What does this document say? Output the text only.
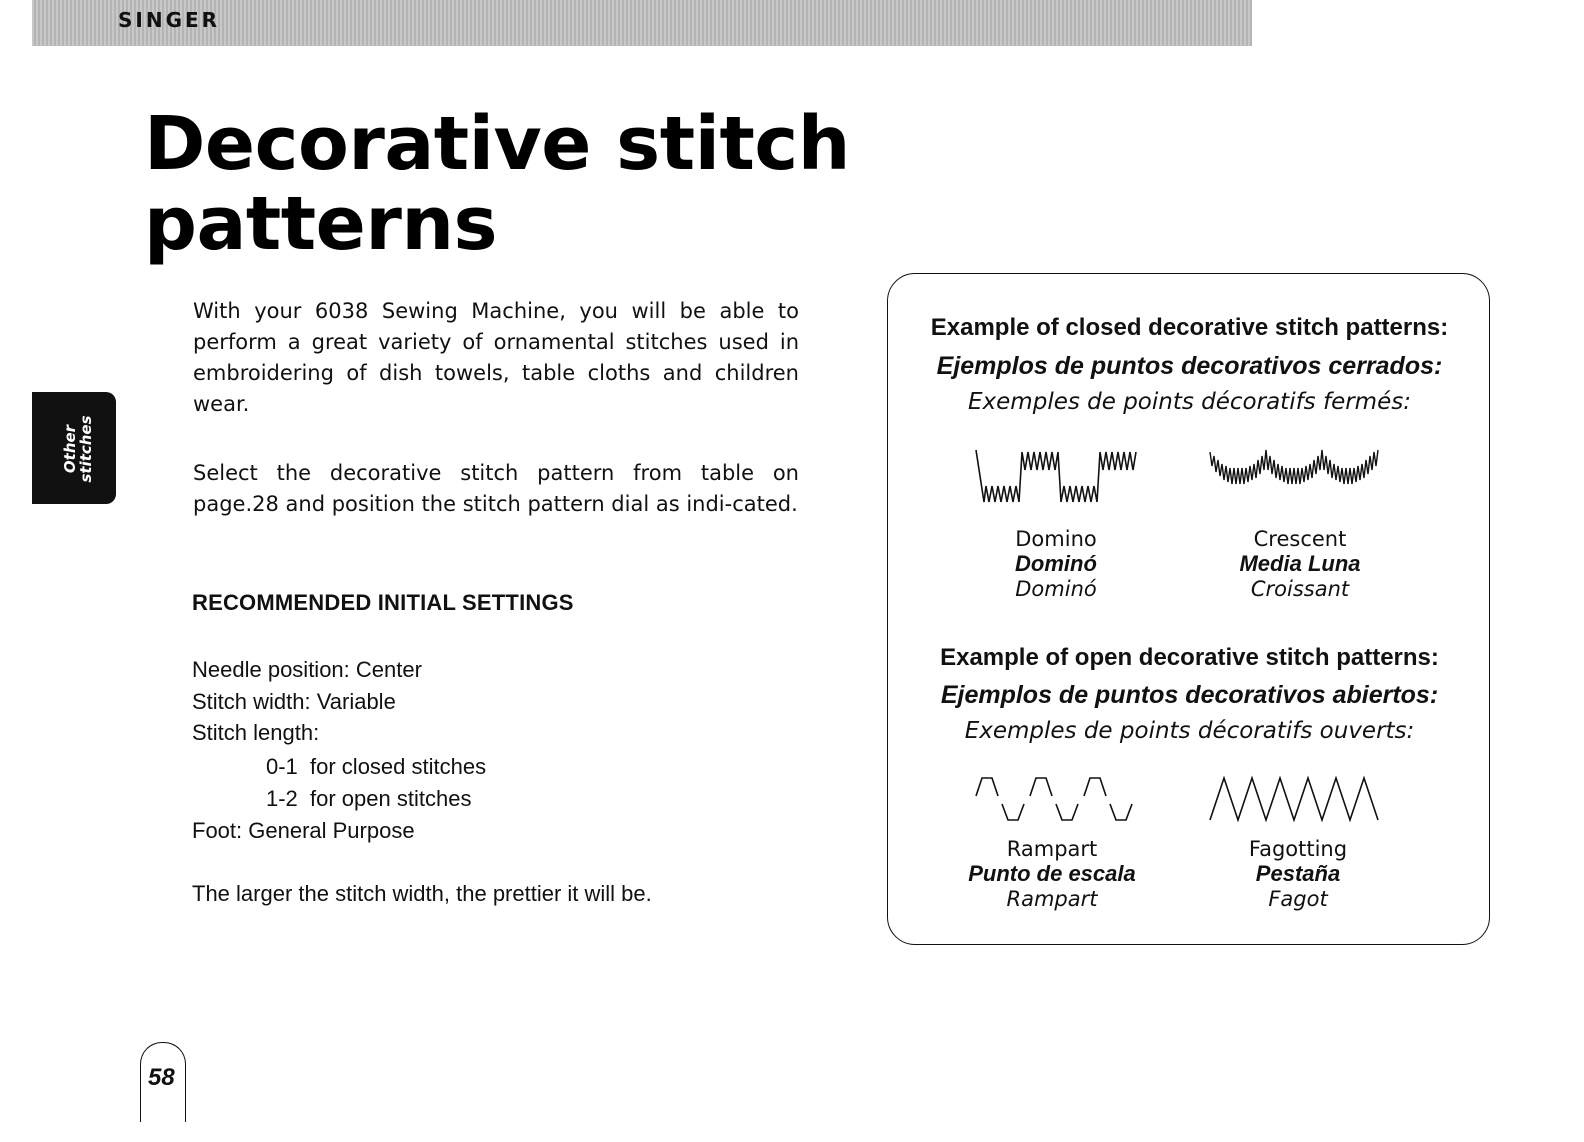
SINGER
Decorative stitch
patterns
Other
stitches

With your 6038 Sewing Machine, you will be able to perform a great variety of ornamental stitches used in embroidering of dish towels, table cloths and children wear.

Select the decorative stitch pattern from table on page.28 and position the stitch pattern dial as indi-cated.

RECOMMENDED INITIAL SETTINGS

Needle position: Center

Stitch width: Variable

Stitch length:

0-1  for closed stitches

1-2  for open stitches

Foot: General Purpose

The larger the stitch width, the prettier it will be.

Example of closed decorative stitch patterns:

Ejemplos de puntos decorativos cerrados:

Exemples de points décoratifs fermés:

Domino
Dominó
Dominó

Crescent
Media Luna
Croissant

Example of open decorative stitch patterns:

Ejemplos de puntos decorativos abiertos:

Exemples de points décoratifs ouverts:

Rampart
Punto de escala
Rampart

Fagotting
Pestaña
Fagot

58
